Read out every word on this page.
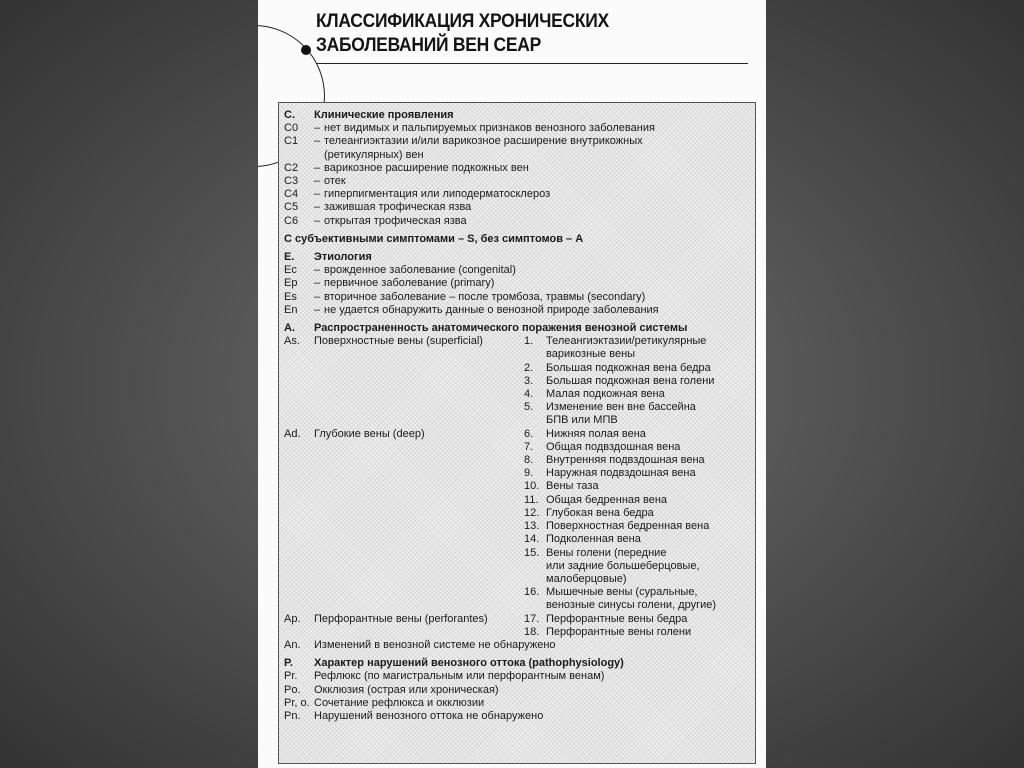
КЛАССИФИКАЦИЯ ХРОНИЧЕСКИХ
ЗАБОЛЕВАНИЙ ВЕН СЕАР
C.	Клинические проявления
C0	– нет видимых и пальпируемых признаков венозного заболевания
C1	– телеангиэктазии и/или варикозное расширение внутрикожных
(ретикулярных) вен
C2	– варикозное расширение подкожных вен
C3	– отек
C4	– гиперпигментация или липодерматосклероз
C5	– зажившая трофическая язва
C6	– открытая трофическая язва
С субъективными симптомами – S, без симптомов – А
E.	Этиология
Ec	– врожденное заболевание (congenital)
Ep	– первичное заболевание (primary)
Es	– вторичное заболевание – после тромбоза, травмы (secondary)
En	– не удается обнаружить данные о венозной природе заболевания
A.	Распространенность анатомического поражения венозной системы
As.	Поверхностные вены (superficial)	1.	Телеангиэктазии/ретикулярные
варикозные вены
2.	Большая подкожная вена бедра
3.	Большая подкожная вена голени
4.	Малая подкожная вена
5.	Изменение вен вне бассейна
БПВ или МПВ
Ad.	Глубокие вены (deep)	6.	Нижняя полая вена
7.	Общая подвздошная вена
8.	Внутренняя подвздошная вена
9.	Наружная подвздошная вена
10. Вены таза
11. Общая бедренная вена
12. Глубокая вена бедра
13. Поверхностная бедренная вена
14. Подколенная вена
15. Вены голени (передние
или задние большеберцовые,
малоберцовые)
16. Мышечные вены (суральные,
венозные синусы голени, другие)
Ap.	Перфорантные вены (perforantes)	17. Перфорантные вены бедра
18. Перфорантные вены голени
An.	Изменений в венозной системе не обнаружено
P.	Характер нарушений венозного оттока (pathophysiology)
Pr.	Рефлюкс (по магистральным или перфорантным венам)
Po.	Окклюзия (острая или хроническая)
Pr, o. Сочетание рефлюкса и окклюзии
Pn.	Нарушений венозного оттока не обнаружено
